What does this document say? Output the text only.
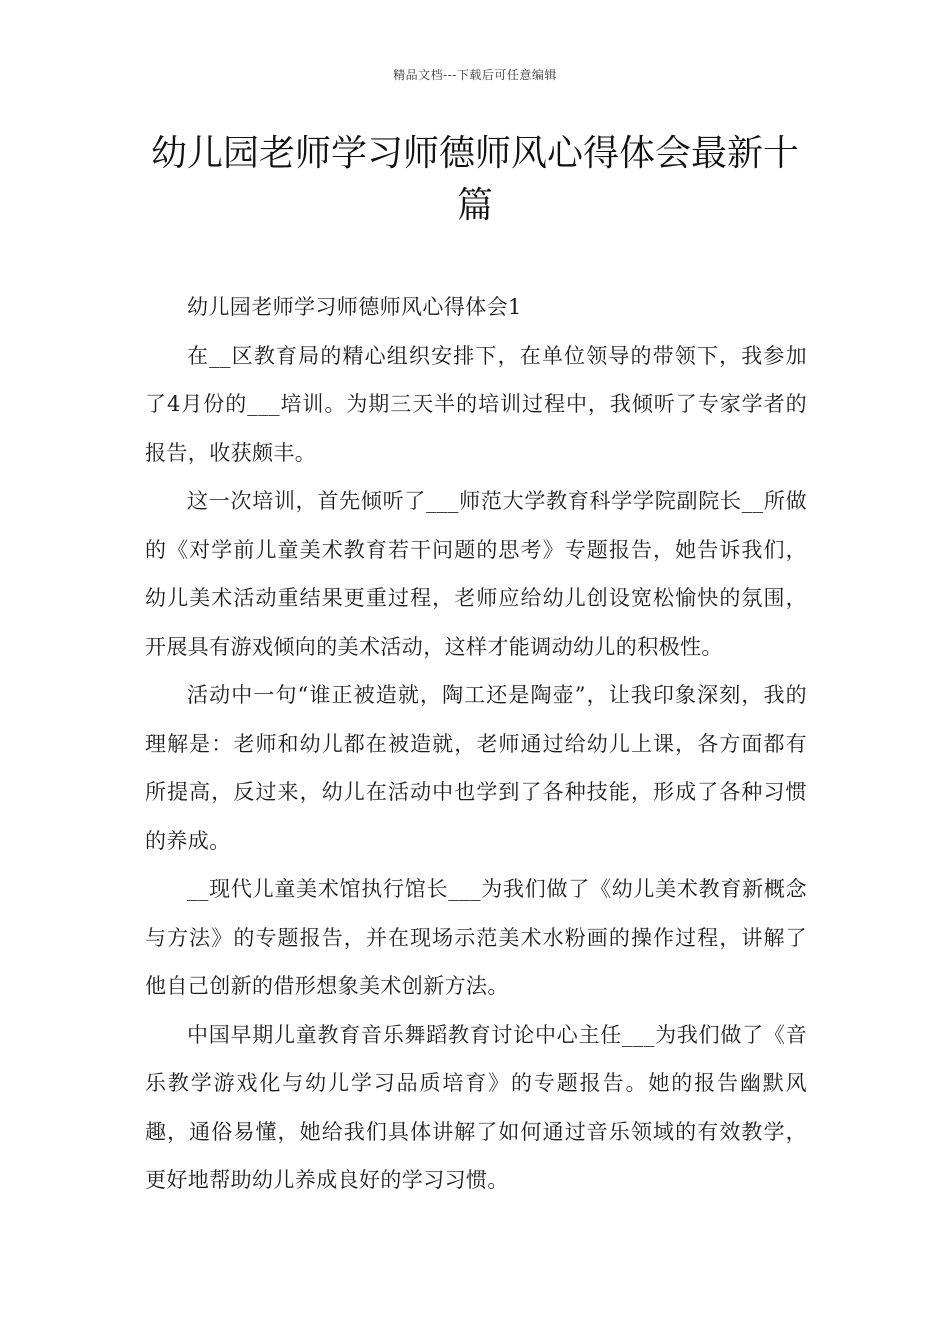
精品文档---下载后可任意编辑
幼儿园老师学习师德师风心得体会最新十篇

幼儿园老师学习师德师风心得体会1

在__区教育局的精心组织安排下，在单位领导的带领下，我参加了4月份的___培训。为期三天半的培训过程中，我倾听了专家学者的报告，收获颇丰。

这一次培训，首先倾听了___师范大学教育科学学院副院长__所做的《对学前儿童美术教育若干问题的思考》专题报告，她告诉我们，幼儿美术活动重结果更重过程，老师应给幼儿创设宽松愉快的氛围，开展具有游戏倾向的美术活动，这样才能调动幼儿的积极性。

活动中一句“谁正被造就，陶工还是陶壶”，让我印象深刻，我的理解是：老师和幼儿都在被造就，老师通过给幼儿上课，各方面都有所提高，反过来，幼儿在活动中也学到了各种技能，形成了各种习惯的养成。

__现代儿童美术馆执行馆长___为我们做了《幼儿美术教育新概念与方法》的专题报告，并在现场示范美术水粉画的操作过程，讲解了他自己创新的借形想象美术创新方法。

中国早期儿童教育音乐舞蹈教育讨论中心主任___为我们做了《音乐教学游戏化与幼儿学习品质培育》的专题报告。她的报告幽默风趣，通俗易懂，她给我们具体讲解了如何通过音乐领域的有效教学，更好地帮助幼儿养成良好的学习习惯。
